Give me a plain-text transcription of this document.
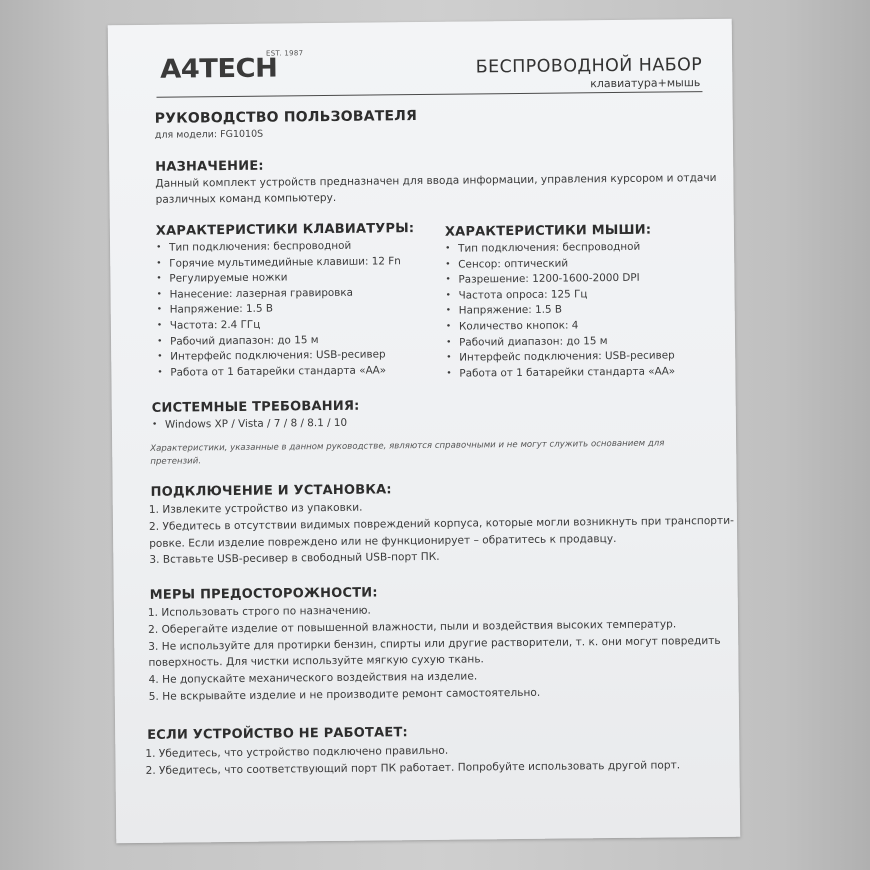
EST. 1987
A4TECH	БЕСПРОВОДНОЙ НАБОР
клавиатура+мышь
РУКОВОДСТВО ПОЛЬЗОВАТЕЛЯ
для модели: FG1010S
НАЗНАЧЕНИЕ:
Данный комплект устройств предназначен для ввода информации, управления курсором и отдачи
различных команд компьютеру.
ХАРАКТЕРИСТИКИ КЛАВИАТУРЫ:
• Тип подключения: беспроводной
• Горячие мультимедийные клавиши: 12 Fn
• Регулируемые ножки
• Нанесение: лазерная гравировка
• Напряжение: 1.5 В
• Частота: 2.4 ГГц
• Рабочий диапазон: до 15 м
• Интерфейс подключения: USB-ресивер
• Работа от 1 батарейки стандарта «АА»
ХАРАКТЕРИСТИКИ МЫШИ:
• Тип подключения: беспроводной
• Сенсор: оптический
• Разрешение: 1200-1600-2000 DPI
• Частота опроса: 125 Гц
• Напряжение: 1.5 В
• Количество кнопок: 4
• Рабочий диапазон: до 15 м
• Интерфейс подключения: USB-ресивер
• Работа от 1 батарейки стандарта «АА»
СИСТЕМНЫЕ ТРЕБОВАНИЯ:
• Windows XP / Vista / 7 / 8 / 8.1 / 10
Характеристики, указанные в данном руководстве, являются справочными и не могут служить основанием для претензий.
ПОДКЛЮЧЕНИЕ И УСТАНОВКА:
1. Извлеките устройство из упаковки.
2. Убедитесь в отсутствии видимых повреждений корпуса, которые могли возникнуть при транспорти-
ровке. Если изделие повреждено или не функционирует – обратитесь к продавцу.
3. Вставьте USB-ресивер в свободный USB-порт ПК.
МЕРЫ ПРЕДОСТОРОЖНОСТИ:
1. Использовать строго по назначению.
2. Оберегайте изделие от повышенной влажности, пыли и воздействия высоких температур.
3. Не используйте для протирки бензин, спирты или другие растворители, т. к. они могут повредить
поверхность. Для чистки используйте мягкую сухую ткань.
4. Не допускайте механического воздействия на изделие.
5. Не вскрывайте изделие и не производите ремонт самостоятельно.
ЕСЛИ УСТРОЙСТВО НЕ РАБОТАЕТ:
1. Убедитесь, что устройство подключено правильно.
2. Убедитесь, что соответствующий порт ПК работает. Попробуйте использовать другой порт.
